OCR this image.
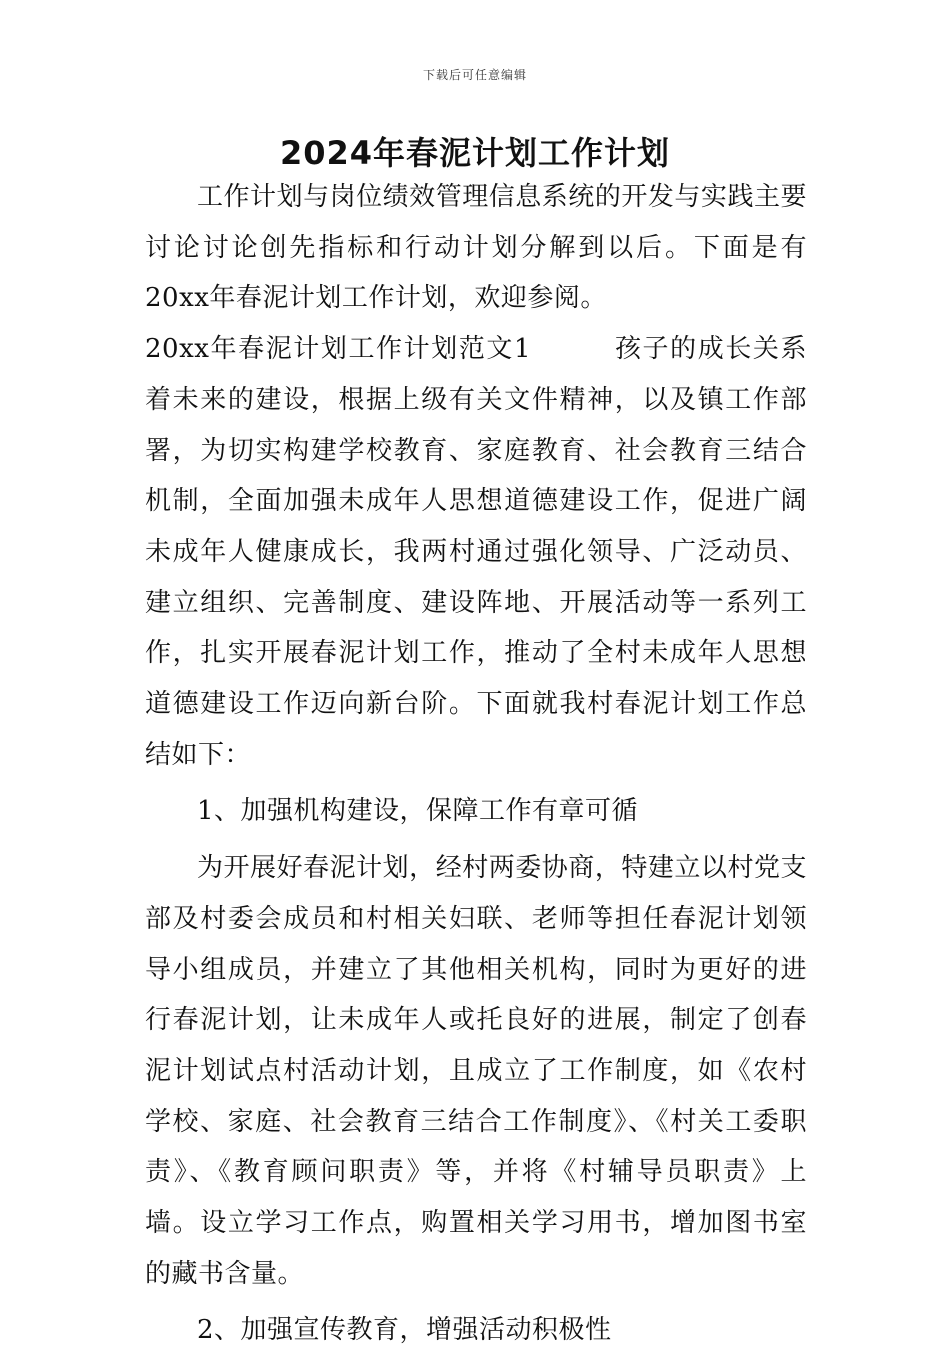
下载后可任意编辑
2024年春泥计划工作计划

工作计划与岗位绩效管理信息系统的开发与实践主要讨论讨论创先指标和行动计划分解到以后。下面是有20xx年春泥计划工作计划，欢迎参阅。

20xx年春泥计划工作计划范文1　　　孩子的成长关系着未来的建设，根据上级有关文件精神，以及镇工作部署，为切实构建学校教育、家庭教育、社会教育三结合机制，全面加强未成年人思想道德建设工作，促进广阔未成年人健康成长，我两村通过强化领导、广泛动员、建立组织、完善制度、建设阵地、开展活动等一系列工作，扎实开展春泥计划工作，推动了全村未成年人思想道德建设工作迈向新台阶。下面就我村春泥计划工作总结如下：

1、加强机构建设，保障工作有章可循

为开展好春泥计划，经村两委协商，特建立以村党支部及村委会成员和村相关妇联、老师等担任春泥计划领导小组成员，并建立了其他相关机构，同时为更好的进行春泥计划，让未成年人或托良好的进展，制定了创春泥计划试点村活动计划，且成立了工作制度，如《农村学校、家庭、社会教育三结合工作制度》、《村关工委职责》、《教育顾问职责》等，并将《村辅导员职责》上墙。设立学习工作点，购置相关学习用书，增加图书室的藏书含量。

2、加强宣传教育，增强活动积极性
